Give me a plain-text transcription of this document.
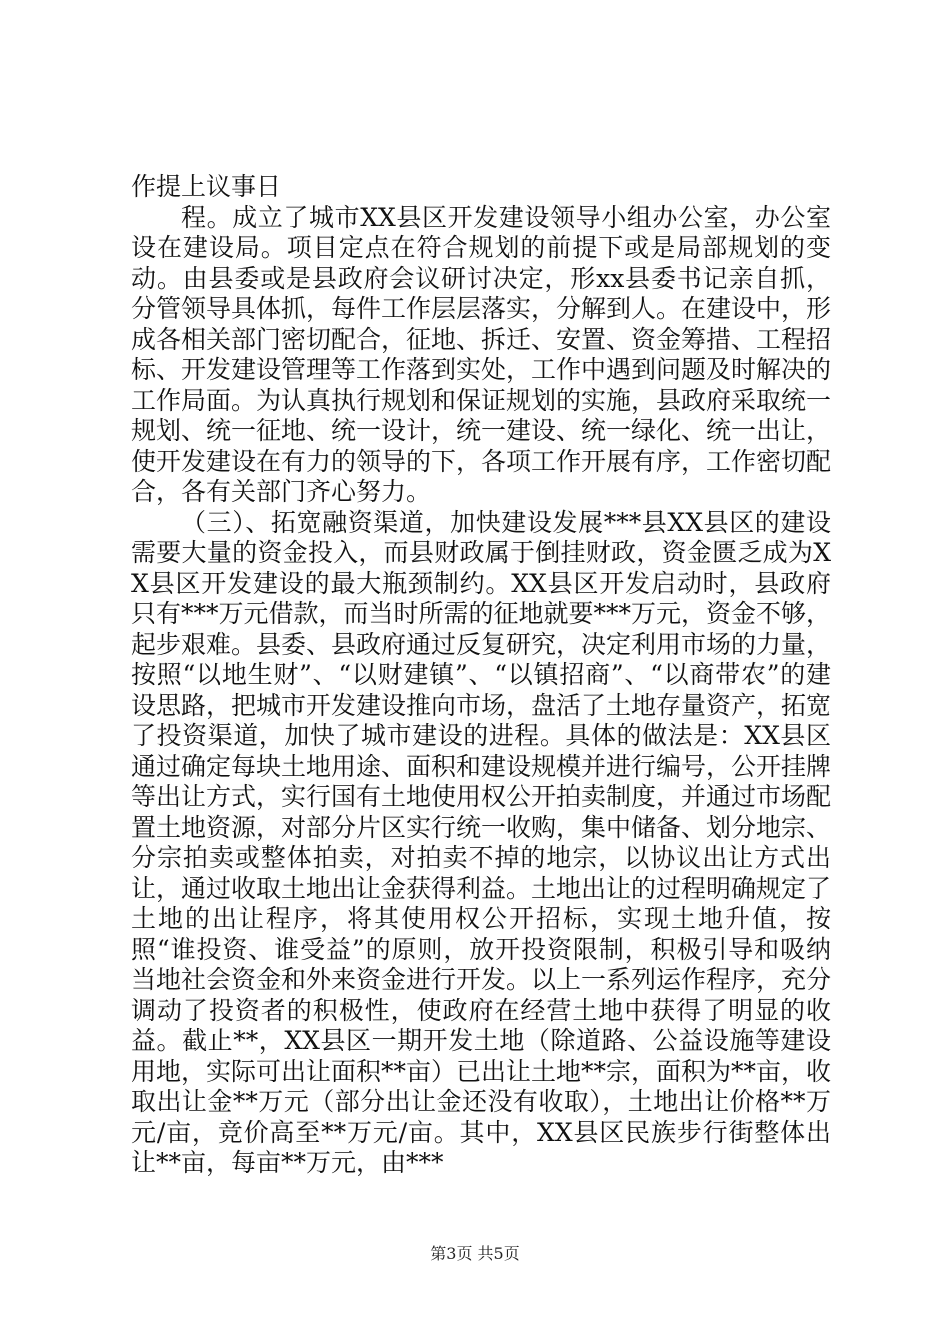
作提上议事日

程。成立了城市XX县区开发建设领导小组办公室，办公室设在建设局。项目定点在符合规划的前提下或是局部规划的变动。由县委或是县政府会议研讨决定，形xx县委书记亲自抓，分管领导具体抓，每件工作层层落实，分解到人。在建设中，形成各相关部门密切配合，征地、拆迁、安置、资金筹措、工程招标、开发建设管理等工作落到实处，工作中遇到问题及时解决的工作局面。为认真执行规划和保证规划的实施，县政府采取统一规划、统一征地、统一设计，统一建设、统一绿化、统一出让，使开发建设在有力的领导的下，各项工作开展有序，工作密切配合，各有关部门齐心努力。

（三）、拓宽融资渠道，加快建设发展***县XX县区的建设需要大量的资金投入，而县财政属于倒挂财政，资金匮乏成为XX县区开发建设的最大瓶颈制约。XX县区开发启动时，县政府只有***万元借款，而当时所需的征地就要***万元，资金不够，起步艰难。县委、县政府通过反复研究，决定利用市场的力量，按照“以地生财”、“以财建镇”、“以镇招商”、“以商带农”的建设思路，把城市开发建设推向市场，盘活了土地存量资产，拓宽了投资渠道，加快了城市建设的进程。具体的做法是：XX县区通过确定每块土地用途、面积和建设规模并进行编号，公开挂牌等出让方式，实行国有土地使用权公开拍卖制度，并通过市场配置土地资源，对部分片区实行统一收购，集中储备、划分地宗、分宗拍卖或整体拍卖，对拍卖不掉的地宗，以协议出让方式出让，通过收取土地出让金获得利益。土地出让的过程明确规定了土地的出让程序，将其使用权公开招标，实现土地升值，按照“谁投资、谁受益”的原则，放开投资限制，积极引导和吸纳当地社会资金和外来资金进行开发。以上一系列运作程序，充分调动了投资者的积极性，使政府在经营土地中获得了明显的收益。截止**，XX县区一期开发土地（除道路、公益设施等建设用地，实际可出让面积**亩）已出让土地**宗，面积为**亩，收取出让金**万元（部分出让金还没有收取），土地出让价格**万元/亩，竞价高至**万元/亩。其中，XX县区民族步行街整体出让**亩，每亩**万元，由***

第3页 共5页
